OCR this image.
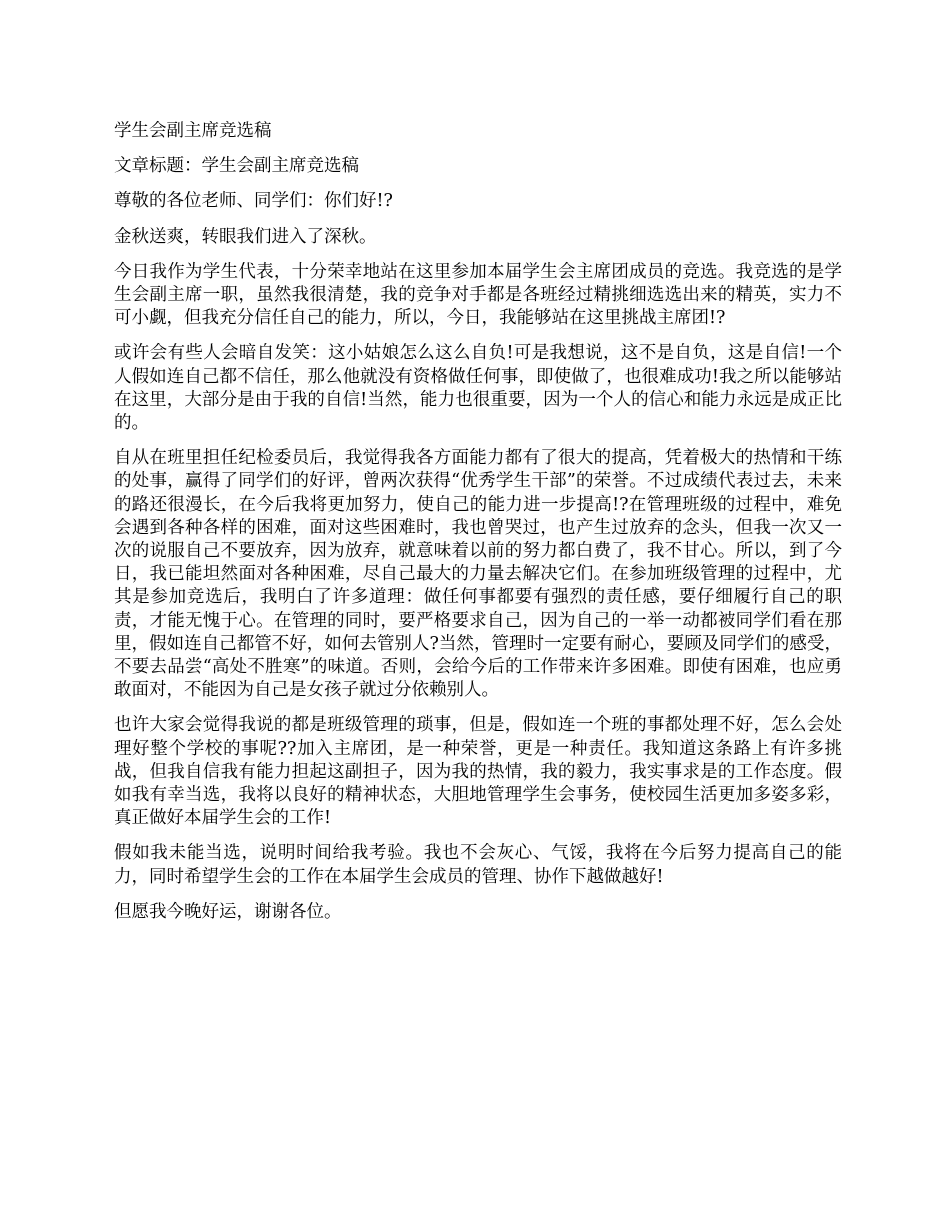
学生会副主席竞选稿

文章标题：学生会副主席竞选稿

尊敬的各位老师、同学们：你们好!?

金秋送爽，转眼我们进入了深秋。

今日我作为学生代表，十分荣幸地站在这里参加本届学生会主席团成员的竞选。我竞选的是学生会副主席一职，虽然我很清楚，我的竞争对手都是各班经过精挑细选选出来的精英，实力不可小觑，但我充分信任自己的能力，所以，今日，我能够站在这里挑战主席团!?

或许会有些人会暗自发笑：这小姑娘怎么这么自负!可是我想说，这不是自负，这是自信!一个人假如连自己都不信任，那么他就没有资格做任何事，即使做了，也很难成功!我之所以能够站在这里，大部分是由于我的自信!当然，能力也很重要，因为一个人的信心和能力永远是成正比的。

自从在班里担任纪检委员后，我觉得我各方面能力都有了很大的提高，凭着极大的热情和干练的处事，赢得了同学们的好评，曾两次获得“优秀学生干部”的荣誉。不过成绩代表过去，未来的路还很漫长，在今后我将更加努力，使自己的能力进一步提高!?在管理班级的过程中，难免会遇到各种各样的困难，面对这些困难时，我也曾哭过，也产生过放弃的念头，但我一次又一次的说服自己不要放弃，因为放弃，就意味着以前的努力都白费了，我不甘心。所以，到了今日，我已能坦然面对各种困难，尽自己最大的力量去解决它们。在参加班级管理的过程中，尤其是参加竞选后，我明白了许多道理：做任何事都要有强烈的责任感，要仔细履行自己的职责，才能无愧于心。在管理的同时，要严格要求自己，因为自己的一举一动都被同学们看在那里，假如连自己都管不好，如何去管别人?当然，管理时一定要有耐心，要顾及同学们的感受，不要去品尝“高处不胜寒”的味道。否则，会给今后的工作带来许多困难。即使有困难，也应勇敢面对，不能因为自己是女孩子就过分依赖别人。

也许大家会觉得我说的都是班级管理的琐事，但是，假如连一个班的事都处理不好，怎么会处理好整个学校的事呢??加入主席团，是一种荣誉，更是一种责任。我知道这条路上有许多挑战，但我自信我有能力担起这副担子，因为我的热情，我的毅力，我实事求是的工作态度。假如我有幸当选，我将以良好的精神状态，大胆地管理学生会事务，使校园生活更加多姿多彩，真正做好本届学生会的工作!

假如我未能当选，说明时间给我考验。我也不会灰心、气馁，我将在今后努力提高自己的能力，同时希望学生会的工作在本届学生会成员的管理、协作下越做越好!

但愿我今晚好运，谢谢各位。
